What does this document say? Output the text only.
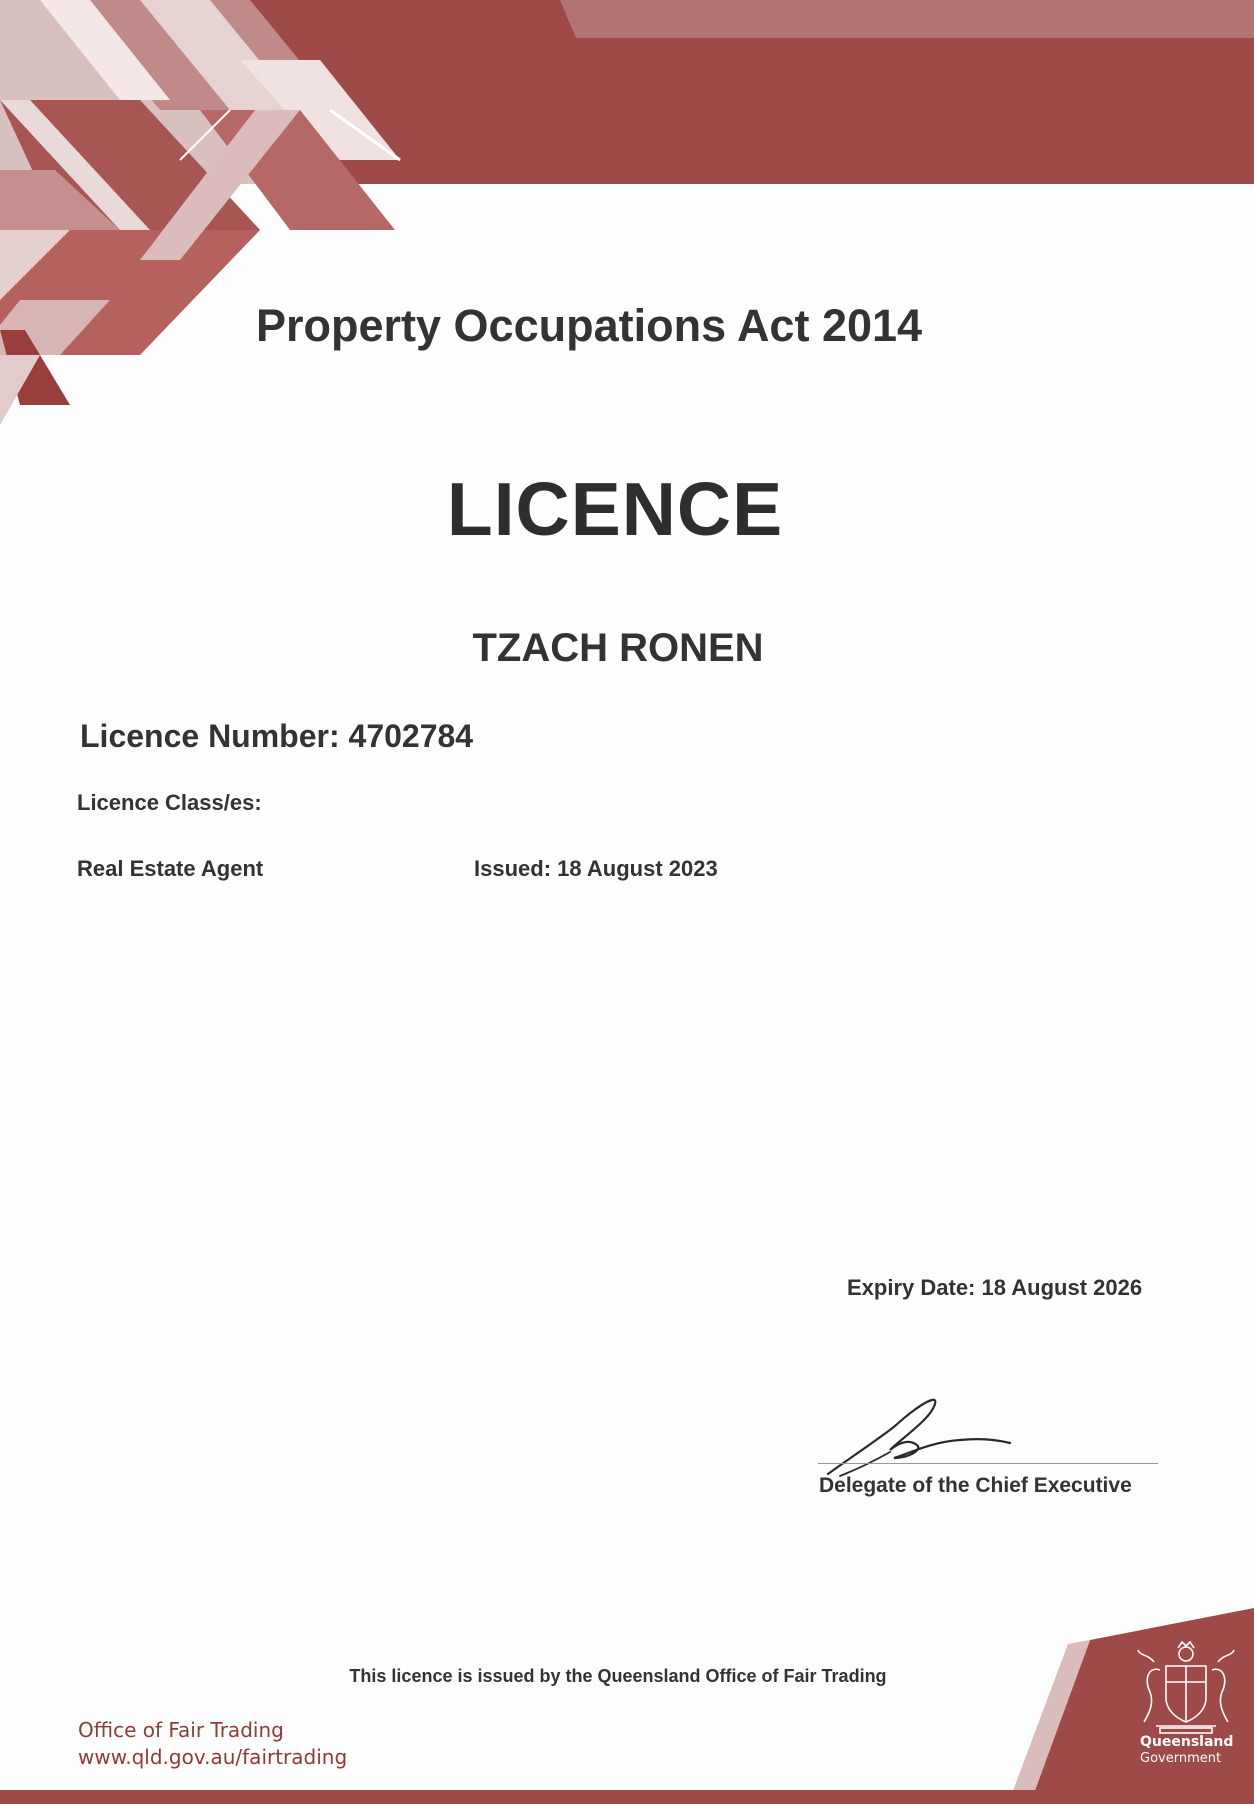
Property Occupations Act 2014
LICENCE
TZACH RONEN
Licence Number: 4702784
Licence Class/es:
Real Estate Agent	Issued: 18 August 2023
Expiry Date: 18 August 2026
Delegate of the Chief Executive
Queensland
Government
This licence is issued by the Queensland Office of Fair Trading
Office of Fair Trading
www.qld.gov.au/fairtrading
